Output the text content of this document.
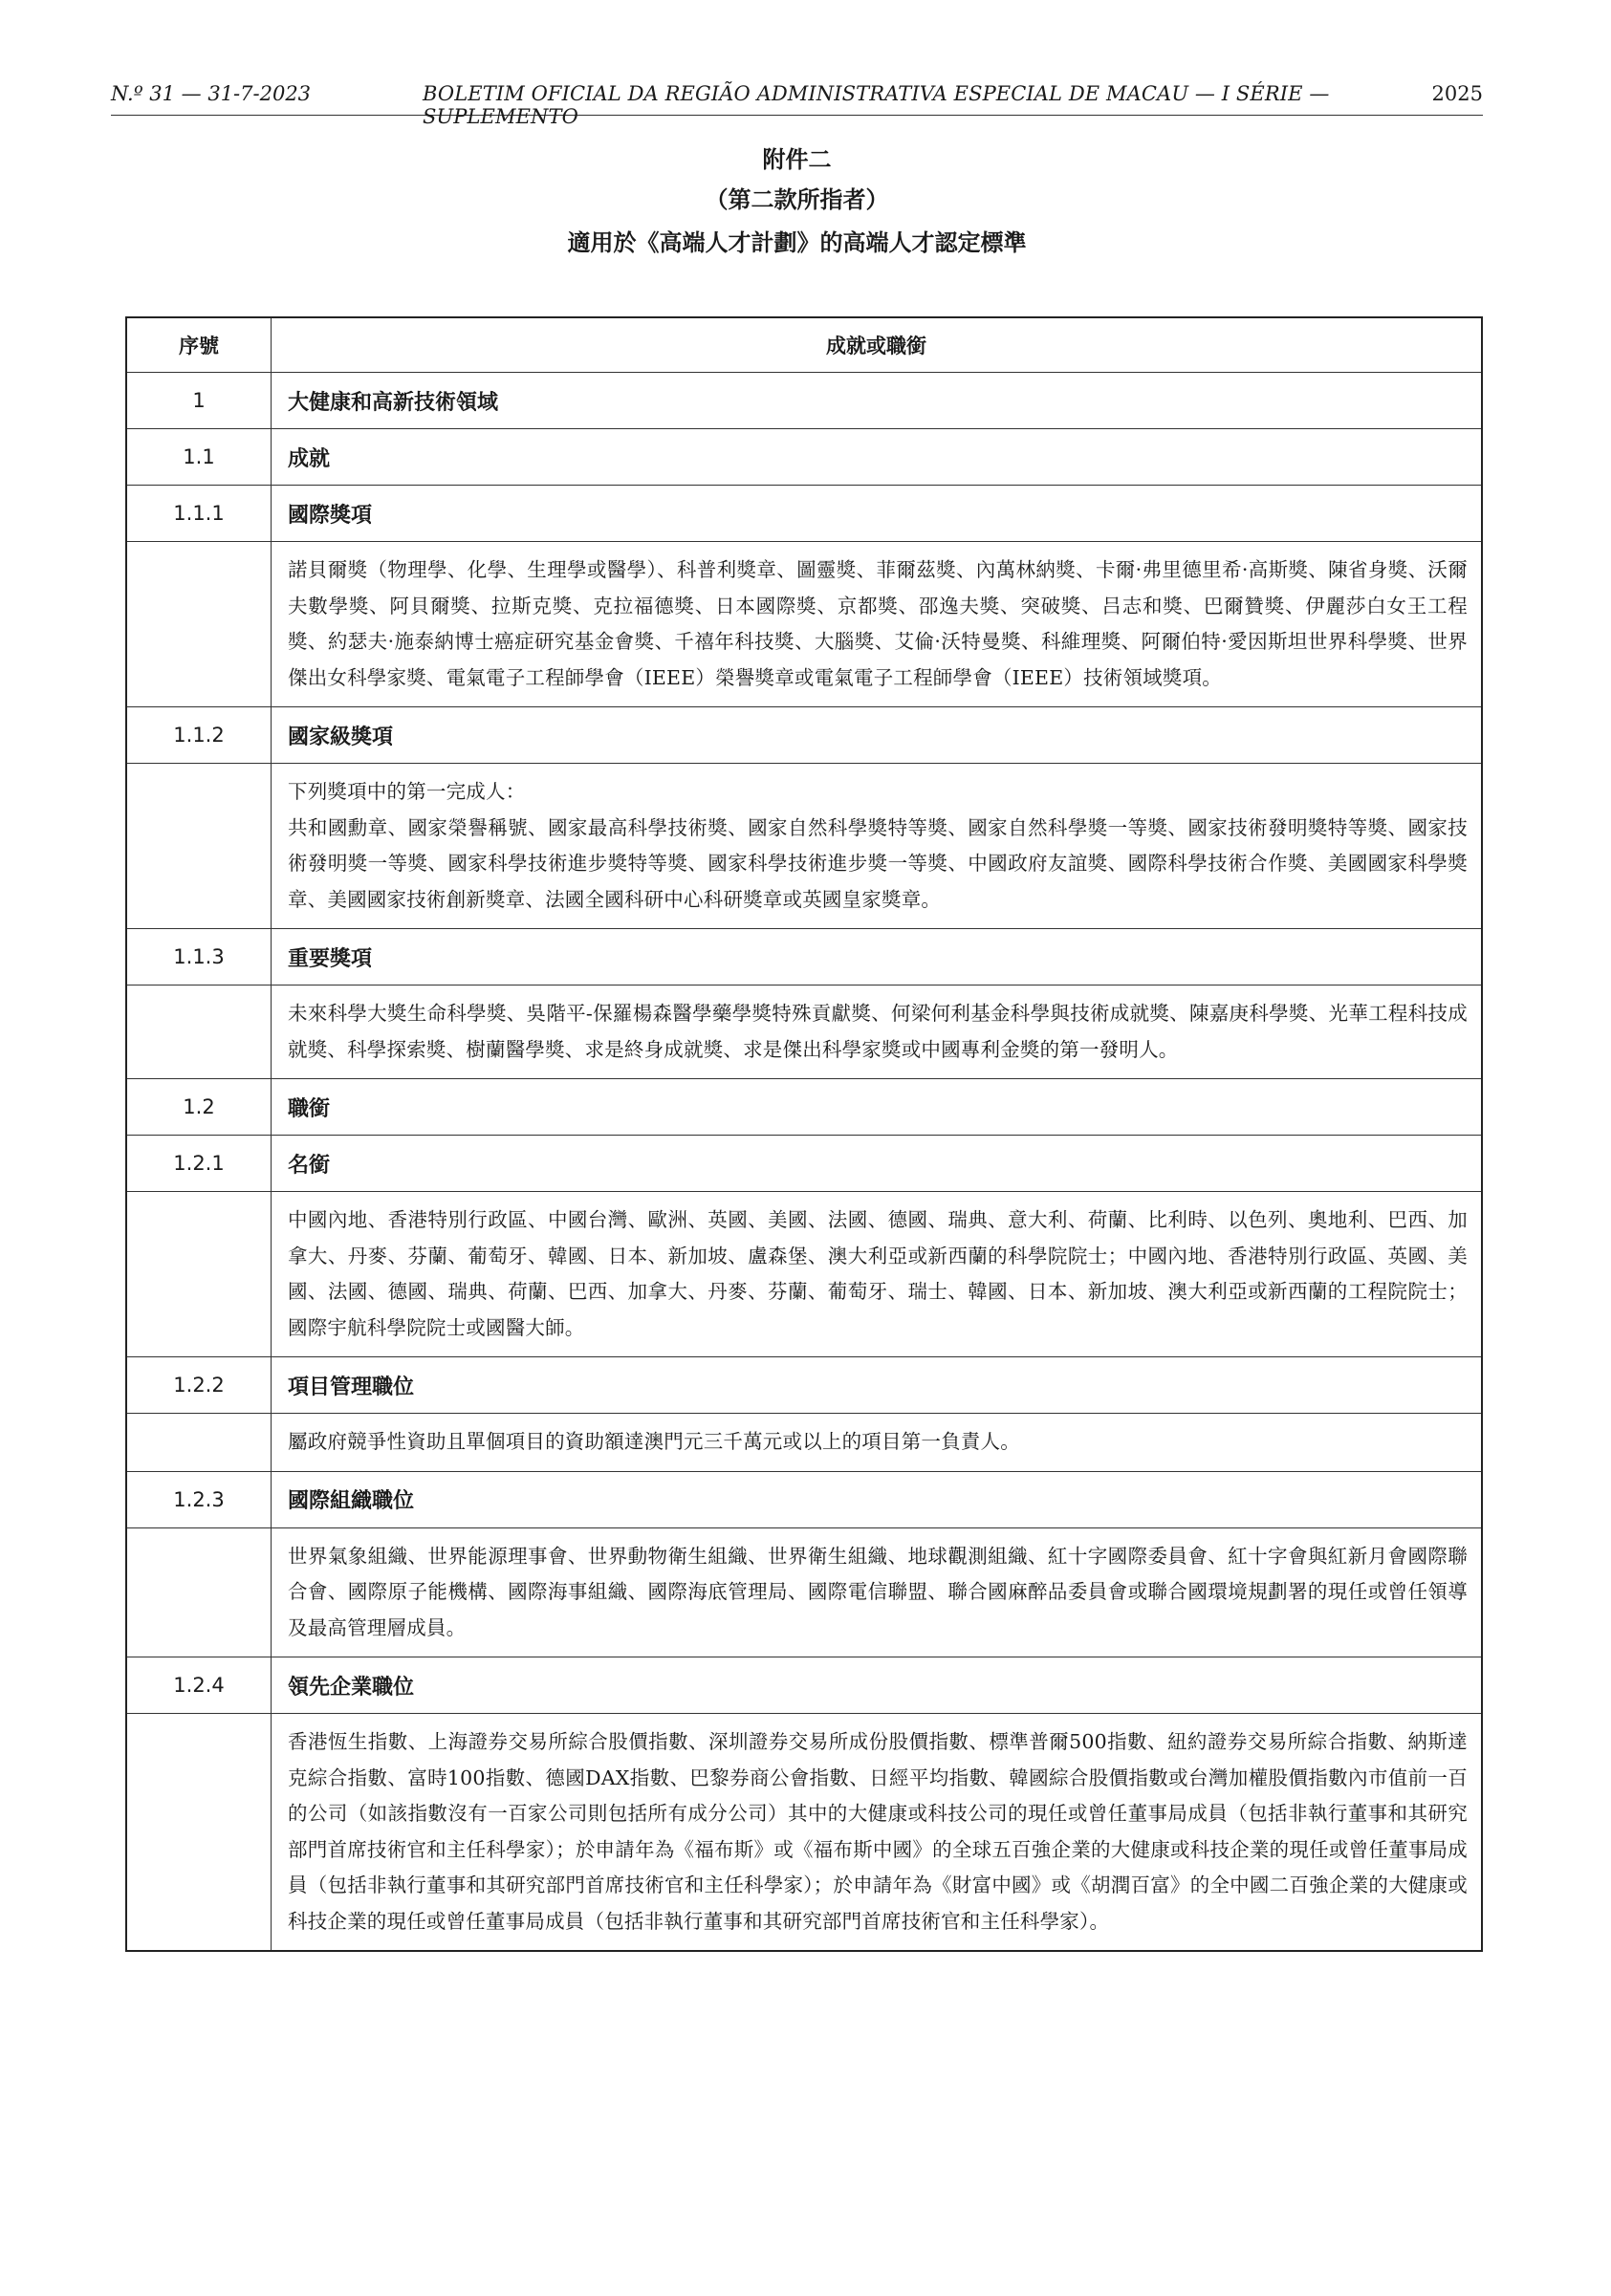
N.º 31 — 31-7-2023	BOLETIM OFICIAL DA REGIÃO ADMINISTRATIVA ESPECIAL DE MACAU — I SÉRIE — SUPLEMENTO
2025
附件二
（第二款所指者）
適用於《高端人才計劃》的高端人才認定標準
序號	成就或職銜
1	大健康和高新技術領域
1.1	成就
1.1.1	國際獎項
	諾貝爾獎（物理學、化學、生理學或醫學）、科普利獎章、圖靈獎、菲爾茲獎、內萬林納獎、卡爾·弗里德里希·高斯獎、陳省身獎、沃爾夫數學獎、阿貝爾獎、拉斯克獎、克拉福德獎、日本國際獎、京都獎、邵逸夫獎、突破獎、吕志和獎、巴爾贊獎、伊麗莎白女王工程獎、約瑟夫·施泰納博士癌症研究基金會獎、千禧年科技獎、大腦獎、艾倫·沃特曼獎、科維理獎、阿爾伯特·愛因斯坦世界科學獎、世界傑出女科學家獎、電氣電子工程師學會（IEEE）榮譽獎章或電氣電子工程師學會（IEEE）技術領域獎項。
1.1.2	國家級獎項

	下列獎項中的第一完成人：
共和國勳章、國家榮譽稱號、國家最高科學技術獎、國家自然科學獎特等獎、國家自然科學獎一等獎、國家技術發明獎特等獎、國家技術發明獎一等獎、國家科學技術進步獎特等獎、國家科學技術進步獎一等獎、中國政府友誼獎、國際科學技術合作獎、美國國家科學獎章、美國國家技術創新獎章、法國全國科研中心科研獎章或英國皇家獎章。
1.1.3	重要獎項
	未來科學大獎生命科學獎、吳階平-保羅楊森醫學藥學獎特殊貢獻獎、何梁何利基金科學與技術成就獎、陳嘉庚科學獎、光華工程科技成就獎、科學探索獎、樹蘭醫學獎、求是終身成就獎、求是傑出科學家獎或中國專利金獎的第一發明人。
1.2	職銜
1.2.1	名銜
	中國內地、香港特別行政區、中國台灣、歐洲、英國、美國、法國、德國、瑞典、意大利、荷蘭、比利時、以色列、奧地利、巴西、加拿大、丹麥、芬蘭、葡萄牙、韓國、日本、新加坡、盧森堡、澳大利亞或新西蘭的科學院院士；中國內地、香港特別行政區、英國、美國、法國、德國、瑞典、荷蘭、巴西、加拿大、丹麥、芬蘭、葡萄牙、瑞士、韓國、日本、新加坡、澳大利亞或新西蘭的工程院院士；國際宇航科學院院士或國醫大師。
1.2.2	項目管理職位
	屬政府競爭性資助且單個項目的資助額達澳門元三千萬元或以上的項目第一負責人。
1.2.3	國際組織職位
	世界氣象組織、世界能源理事會、世界動物衛生組織、世界衛生組織、地球觀測組織、紅十字國際委員會、紅十字會與紅新月會國際聯合會、國際原子能機構、國際海事組織、國際海底管理局、國際電信聯盟、聯合國麻醉品委員會或聯合國環境規劃署的現任或曾任領導及最高管理層成員。
1.2.4	領先企業職位
	香港恆生指數、上海證券交易所綜合股價指數、深圳證券交易所成份股價指數、標準普爾500指數、紐約證券交易所綜合指數、納斯達克綜合指數、富時100指數、德國DAX指數、巴黎券商公會指數、日經平均指數、韓國綜合股價指數或台灣加權股價指數內市值前一百的公司（如該指數沒有一百家公司則包括所有成分公司）其中的大健康或科技公司的現任或曾任董事局成員（包括非執行董事和其研究部門首席技術官和主任科學家）；於申請年為《福布斯》或《福布斯中國》的全球五百強企業的大健康或科技企業的現任或曾任董事局成員（包括非執行董事和其研究部門首席技術官和主任科學家）；於申請年為《財富中國》或《胡潤百富》的全中國二百強企業的大健康或科技企業的現任或曾任董事局成員（包括非執行董事和其研究部門首席技術官和主任科學家）。
